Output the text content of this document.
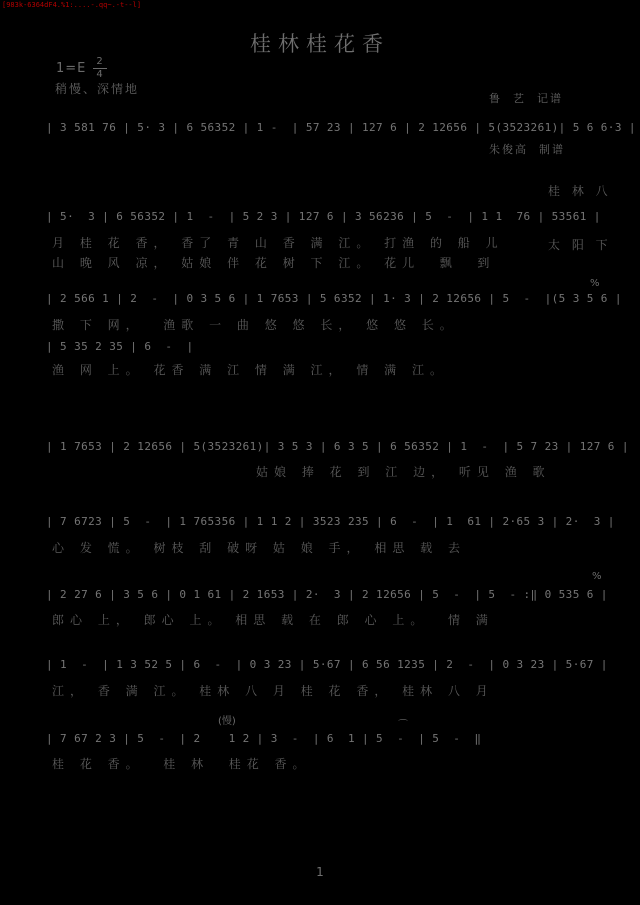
[983k-6364dF4.%1:....-.qq~.-t--l]
桂林桂花香
$1=E \frac{2}{4}$
稍慢、深情地

鲁  艺  记谱

朱俊高  制谱

| 3 581 76 | 5· 3 | 6 56352 | 1 -  | 57 23 | 127 6 | 2 12656 | 5(3523261)| 5 6 6·3 |

桂 林 八

太 阳 下

| 5·  3 | 6 56352 | 1  -  | 5 2 3 | 127 6 | 3 56236 | 5  -  | 1 1  76 | 53561 |
月 桂 花 香， 香了 青 山 香 满 江。 打渔 的 船 儿
山 晚 风 凉， 姑娘 伴 花 树 下 江。 花儿  飘  到
| 2 566 1 | 2  -  | 0 3 5 6 | 1 7653 | 5 6352 | 1· 3 | 2 12656 | 5  -  |(5 3 5 6 |
%
撒 下 网，  渔歌 一 曲 悠 悠 长， 悠 悠 长。
| 5 35 2 35 | 6  -  |
渔 网 上。 花香 满 江 情 满 江， 情 满 江。
| 1 7653 | 2 12656 | 5(3523261)| 3 5 3 | 6 3 5 | 6 56352 | 1  -  | 5 7 23 | 127 6 |
姑娘 捧 花 到 江 边， 听见 渔 歌
| 7 6723 | 5  -  | 1 765356 | 1 1 2 | 3523 235 | 6  -  | 1  61 | 2·65 3 | 2·  3 |
心 发 慌。 树枝 刮 破呀 姑 娘 手， 相思 载 去
| 2 27 6 | 3 5 6 | 0 1 61 | 2 1653 | 2·  3 | 2 12656 | 5  -  | 5  - :‖ 0 535 6 |
%
郎心 上， 郎心 上。 相思 载 在 郎 心 上。  情 满
| 1  -  | 1 3 52 5 | 6  -  | 0 3 23 | 5·67 | 6 56 1235 | 2  -  | 0 3 23 | 5·67 |
江， 香 满 江。 桂林 八 月 桂 花 香， 桂林 八 月
(慢)	⌒
| 7 67 2 3 | 5  -  | 2    1 2 | 3  -  | 6  1 | 5  -  | 5  -  ‖
桂 花 香。  桂 林  桂花 香。
1
